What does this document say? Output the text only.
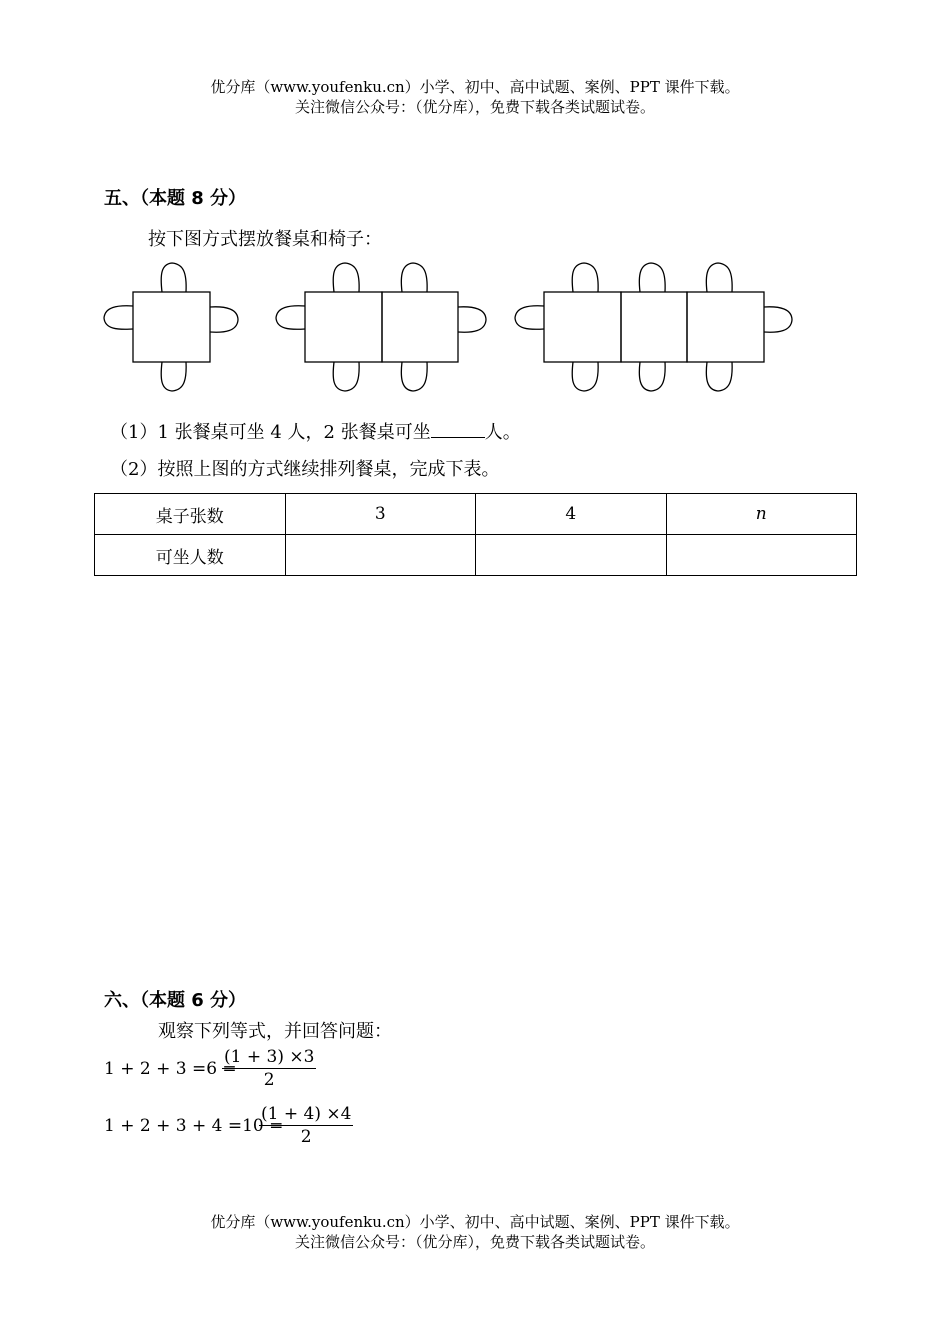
优分库（www.youfenku.cn）小学、初中、高中试题、案例、PPT 课件下载。
关注微信公众号：（优分库），免费下载各类试题试卷。
五、（本题 8 分）
按下图方式摆放餐桌和椅子：
（1）1 张餐桌可坐 4 人，2 张餐桌可坐	人。
（2）按照上图的方式继续排列餐桌，完成下表。
桌子张数	3	4	n
可坐人数			
六、（本题 6 分）
观察下列等式，并回答问题：
1 + 2 + 3 =6 =
$\frac{(1 + 3) \times 3}{2}$
1 + 2 + 3 + 4 =10 =
$\frac{(1 + 4) \times 4}{2}$
优分库（www.youfenku.cn）小学、初中、高中试题、案例、PPT 课件下载。
关注微信公众号：（优分库），免费下载各类试题试卷。
